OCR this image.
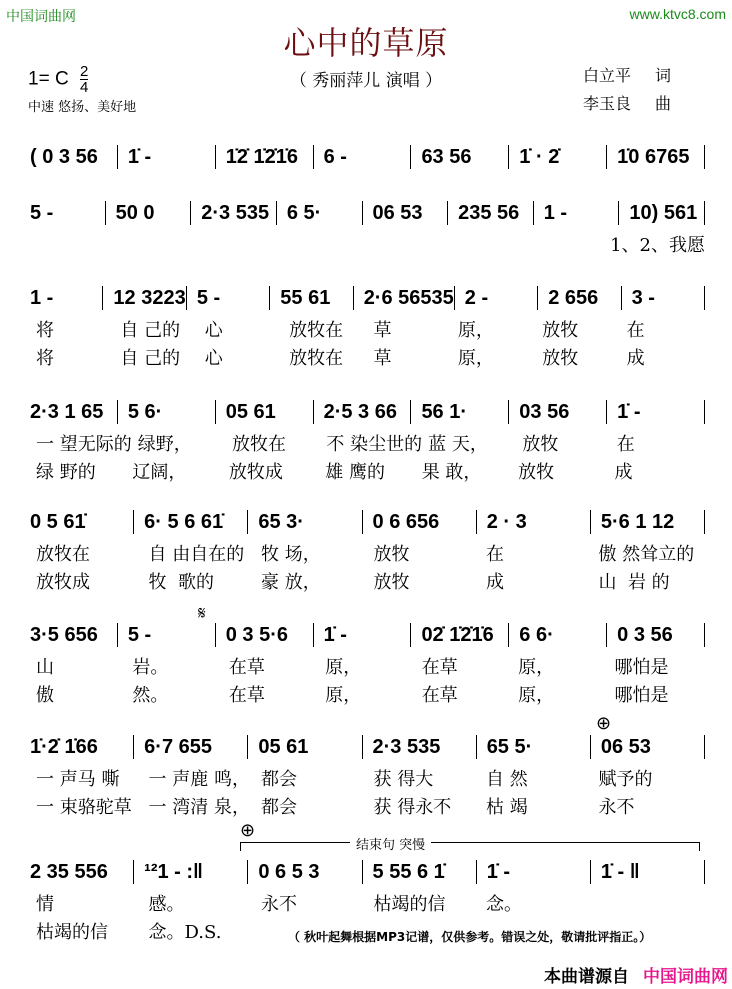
中国词曲网	www.ktvc8.com
心中的草原
（ 秀丽萍儿 演唱 ）
1= C $\frac{2}{4}$
中速 悠扬、美好地
白立平 词
李玉良 曲
( 0 3 56	1̇ -	1̇2̇ 1̇2̇1̇6	6 -	63 56	1̇ · 2̇	1̇0 6765
5 -	50 0	2·3 535 6 5·	06 53	235 56	1 -	10) 561
1、2、我愿
1 -	12 3223 5 -	55 61	2·6 56535 2 -	2 656	3 -
将	自 己的	心	放牧在	草	原，	放牧	在
将	自 己的	心	放牧在	草	原，	放牧	成
2·3 1 65	5 6·	05 61	2·5 3 66	56 1·	03 56	1̇ -
一 望无际的 绿野，	放牧在	不 染尘世的 蓝 天，	放牧	在
绿 野的	辽阔，	放牧成	雄 鹰的	果 敢，	放牧	成
0 5 61̇	6· 5 6 61̇	65 3·	0 6 656	2 · 3	5·6 1 12
放牧在	自 由自在的 牧 场，	放牧	在	傲 然耸立的
放牧成	牧  歌的	豪 放，	放牧	成	山  岩 的
3·5 656	5 -	0 3 5·6	1̇ -	02̇ 1̇2̇1̇6	6 6·	0 3 56
山	岩。	在草	原，	在草	原，	哪怕是
傲	然。	在草	原，	在草	原，	哪怕是
1̇·2̇ 1̇66	6·7 655	05 61	2·3 535	65 5·	06 53
一 声马 嘶	一 声鹿 鸣， 都会	获 得大	自 然	赋予的
一 束骆驼草 一 湾清 泉， 都会	获 得永不	枯 竭	永不
2 35 556	¹²1 - :‖	0 6 5 3	5 55 6 1̇	1̇ -	1̇ - ‖
情	感。	永不	枯竭的信	念。
枯竭的信	念。D.S.
𝄋
⊕
⊕
结束句 突慢
（ 秋叶起舞根据MP3记谱，仅供参考。错误之处，敬请批评指正。）
本曲谱源自 中国词曲网
